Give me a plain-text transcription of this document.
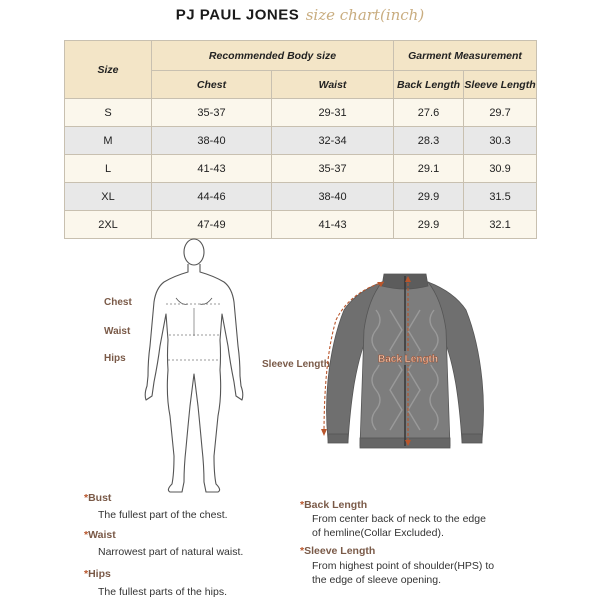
PJ PAUL JONES size chart(inch)
Size	Recommended Body size		Garment Measurement	
	Chest	Waist	Back Length	Sleeve Length
S	35-37	29-31	27.6	29.7
M	38-40	32-34	28.3	30.3
L	41-43	35-37	29.1	30.9
XL	44-46	38-40	29.9	31.5
2XL	47-49	41-43	29.9	32.1
Chest
Waist
Hips
Sleeve Length	Back Length
*Bust
The fullest part of the chest.
*Waist
Narrowest part of natural waist.
*Hips
The fullest parts of the hips.
*Back Length
From center back of neck to the edge
of hemline(Collar Excluded).
*Sleeve Length
From highest point of shoulder(HPS) to
the edge of sleeve opening.
